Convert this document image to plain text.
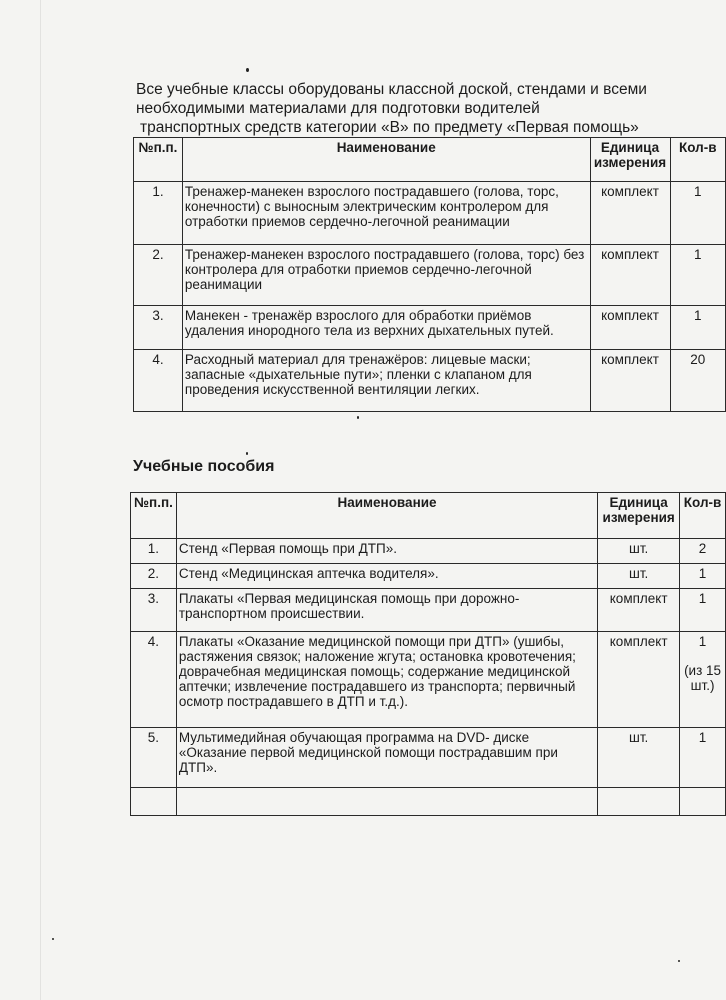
Все учебные классы оборудованы классной доской, стендами и всеми
необходимыми материалами для подготовки водителей
транспортных средств категории «В» по предмету «Первая помощь»
№п.п.	Наименование	Единица измерения	Кол-в
1.	Тренажер-манекен взрослого пострадавшего (голова, торс, конечности) с выносным электрическим контролером для отработки приемов сердечно-легочной реанимации	комплект	1
2.	Тренажер-манекен взрослого пострадавшего (голова, торс) без контролера для отработки приемов сердечно-легочной реанимации	комплект	1
3.	Манекен - тренажёр взрослого для обработки приёмов удаления инородного тела из верхних дыхательных путей.	комплект	1
4.	Расходный материал для тренажёров: лицевые маски; запасные «дыхательные пути»; пленки с клапаном для проведения искусственной вентиляции легких.	комплект	20
Учебные пособия
№п.п.	Наименование	Единица измерения	Кол-в
1.	Стенд «Первая помощь при ДТП».	шт.	2
2.	Стенд «Медицинская аптечка водителя».	шт.	1
3.	Плакаты «Первая медицинская помощь при дорожно-транспортном происшествии.	комплект	1
4.	Плакаты «Оказание медицинской помощи при ДТП» (ушибы, растяжения связок; наложение жгута; остановка кровотечения; доврачебная медицинская помощь; содержание медицинской аптечки; извлечение пострадавшего из транспорта; первичный осмотр пострадавшего в ДТП и т.д.).	комплект	1
(из 15 шт.)

5.	Мультимедийная обучающая программа на DVD- диске «Оказание первой медицинской помощи пострадавшим при ДТП».	шт.	1
